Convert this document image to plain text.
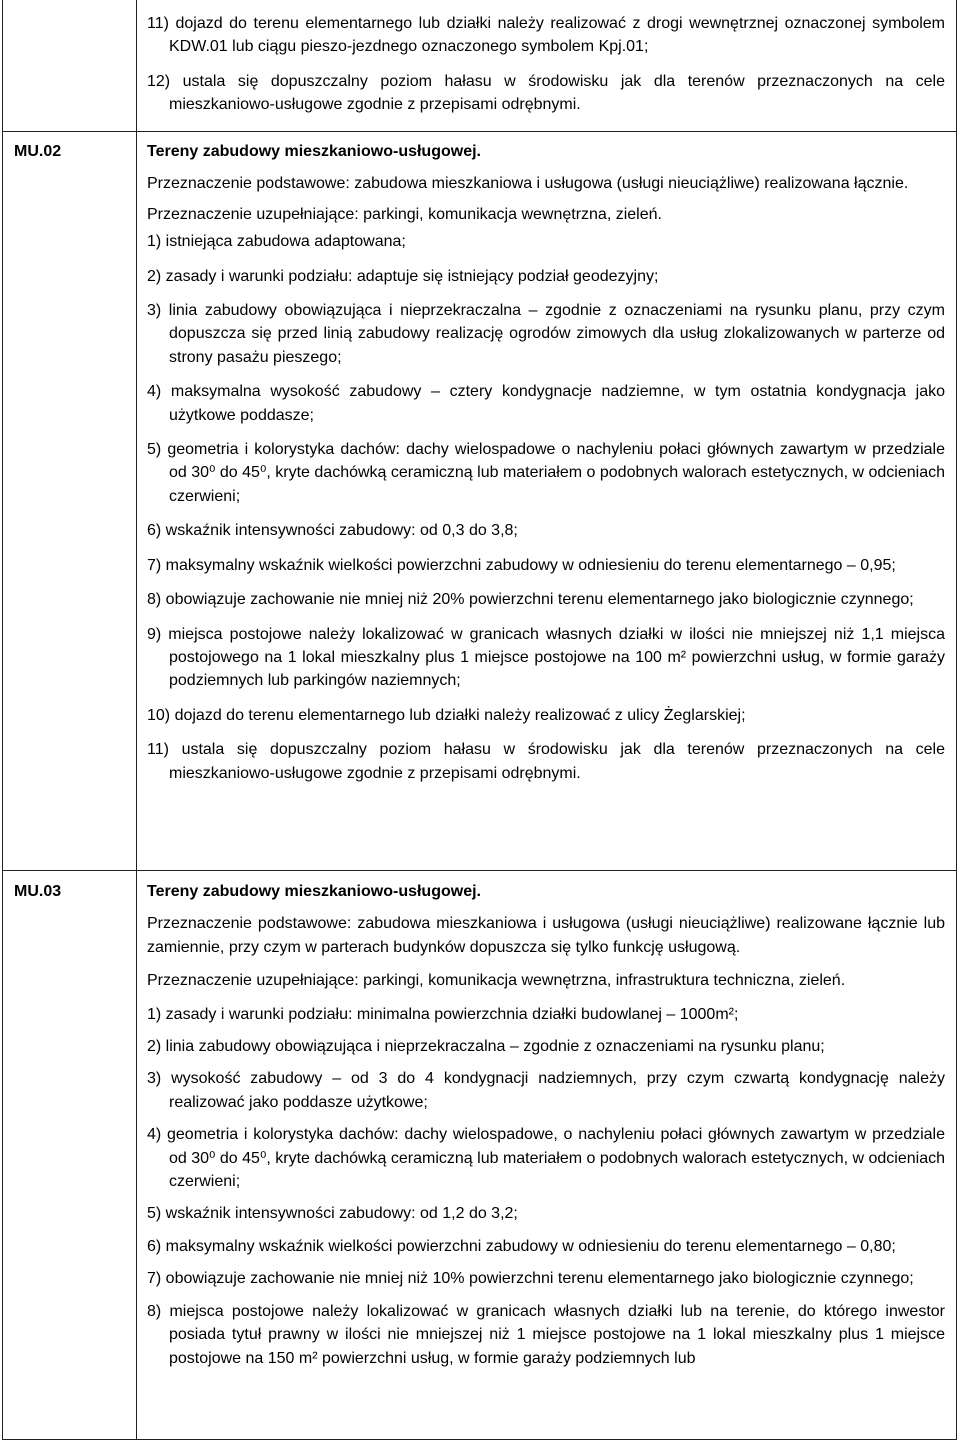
11) dojazd do terenu elementarnego lub działki należy realizować z drogi wewnętrznej oznaczonej symbolem KDW.01 lub ciągu pieszo-jezdnego oznaczonego symbolem Kpj.01;

12) ustala się dopuszczalny poziom hałasu w środowisku jak dla terenów przeznaczonych na cele mieszkaniowo-usługowe zgodnie z przepisami odrębnymi.

MU.02	Tereny zabudowy mieszkaniowo-usługowej.

Przeznaczenie podstawowe: zabudowa mieszkaniowa i usługowa (usługi nieuciążliwe) realizowana łącznie.

Przeznaczenie uzupełniające: parkingi, komunikacja wewnętrzna, zieleń.

1) istniejąca zabudowa adaptowana;

2) zasady i warunki podziału: adaptuje się istniejący podział geodezyjny;

3) linia zabudowy obowiązująca i nieprzekraczalna – zgodnie z oznaczeniami na rysunku planu, przy czym dopuszcza się przed linią zabudowy realizację ogrodów zimowych dla usług zlokalizowanych w parterze od strony pasażu pieszego;

4) maksymalna wysokość zabudowy – cztery kondygnacje nadziemne, w tym ostatnia kondygnacja jako użytkowe poddasze;

5) geometria i kolorystyka dachów: dachy wielospadowe o nachyleniu połaci głównych zawartym w przedziale od 30⁰ do 45⁰, kryte dachówką ceramiczną lub materiałem o podobnych walorach estetycznych, w odcieniach czerwieni;

6) wskaźnik intensywności zabudowy: od 0,3 do 3,8;

7) maksymalny wskaźnik wielkości powierzchni zabudowy w odniesieniu do terenu elementarnego – 0,95;

8) obowiązuje zachowanie nie mniej niż 20% powierzchni terenu elementarnego jako biologicznie czynnego;

9) miejsca postojowe należy lokalizować w granicach własnych działki w ilości nie mniejszej niż 1,1 miejsca postojowego na 1 lokal mieszkalny plus 1 miejsce postojowe na 100 m² powierzchni usług, w formie garaży podziemnych lub parkingów naziemnych;

10) dojazd do terenu elementarnego lub działki należy realizować z ulicy Żeglarskiej;

11) ustala się dopuszczalny poziom hałasu w środowisku jak dla terenów przeznaczonych na cele mieszkaniowo-usługowe zgodnie z przepisami odrębnymi.

MU.03	Tereny zabudowy mieszkaniowo-usługowej.

Przeznaczenie podstawowe: zabudowa mieszkaniowa i usługowa (usługi nieuciążliwe) realizowane łącznie lub zamiennie, przy czym w parterach budynków dopuszcza się tylko funkcję usługową.

Przeznaczenie uzupełniające: parkingi, komunikacja wewnętrzna, infrastruktura techniczna, zieleń.

1) zasady i warunki podziału: minimalna powierzchnia działki budowlanej – 1000m²;

2) linia zabudowy obowiązująca i nieprzekraczalna – zgodnie z oznaczeniami na rysunku planu;

3) wysokość zabudowy – od 3 do 4 kondygnacji nadziemnych, przy czym czwartą kondygnację należy realizować jako poddasze użytkowe;

4) geometria i kolorystyka dachów: dachy wielospadowe, o nachyleniu połaci głównych zawartym w przedziale od 30⁰ do 45⁰, kryte dachówką ceramiczną lub materiałem o podobnych walorach estetycznych, w odcieniach czerwieni;

5) wskaźnik intensywności zabudowy: od 1,2 do 3,2;

6) maksymalny wskaźnik wielkości powierzchni zabudowy w odniesieniu do terenu elementarnego – 0,80;

7) obowiązuje zachowanie nie mniej niż 10% powierzchni terenu elementarnego jako biologicznie czynnego;

8) miejsca postojowe należy lokalizować w granicach własnych działki lub na terenie, do którego inwestor posiada tytuł prawny w ilości nie mniejszej niż 1 miejsce postojowe na 1 lokal mieszkalny plus 1 miejsce postojowe na 150 m² powierzchni usług, w formie garaży podziemnych lub
